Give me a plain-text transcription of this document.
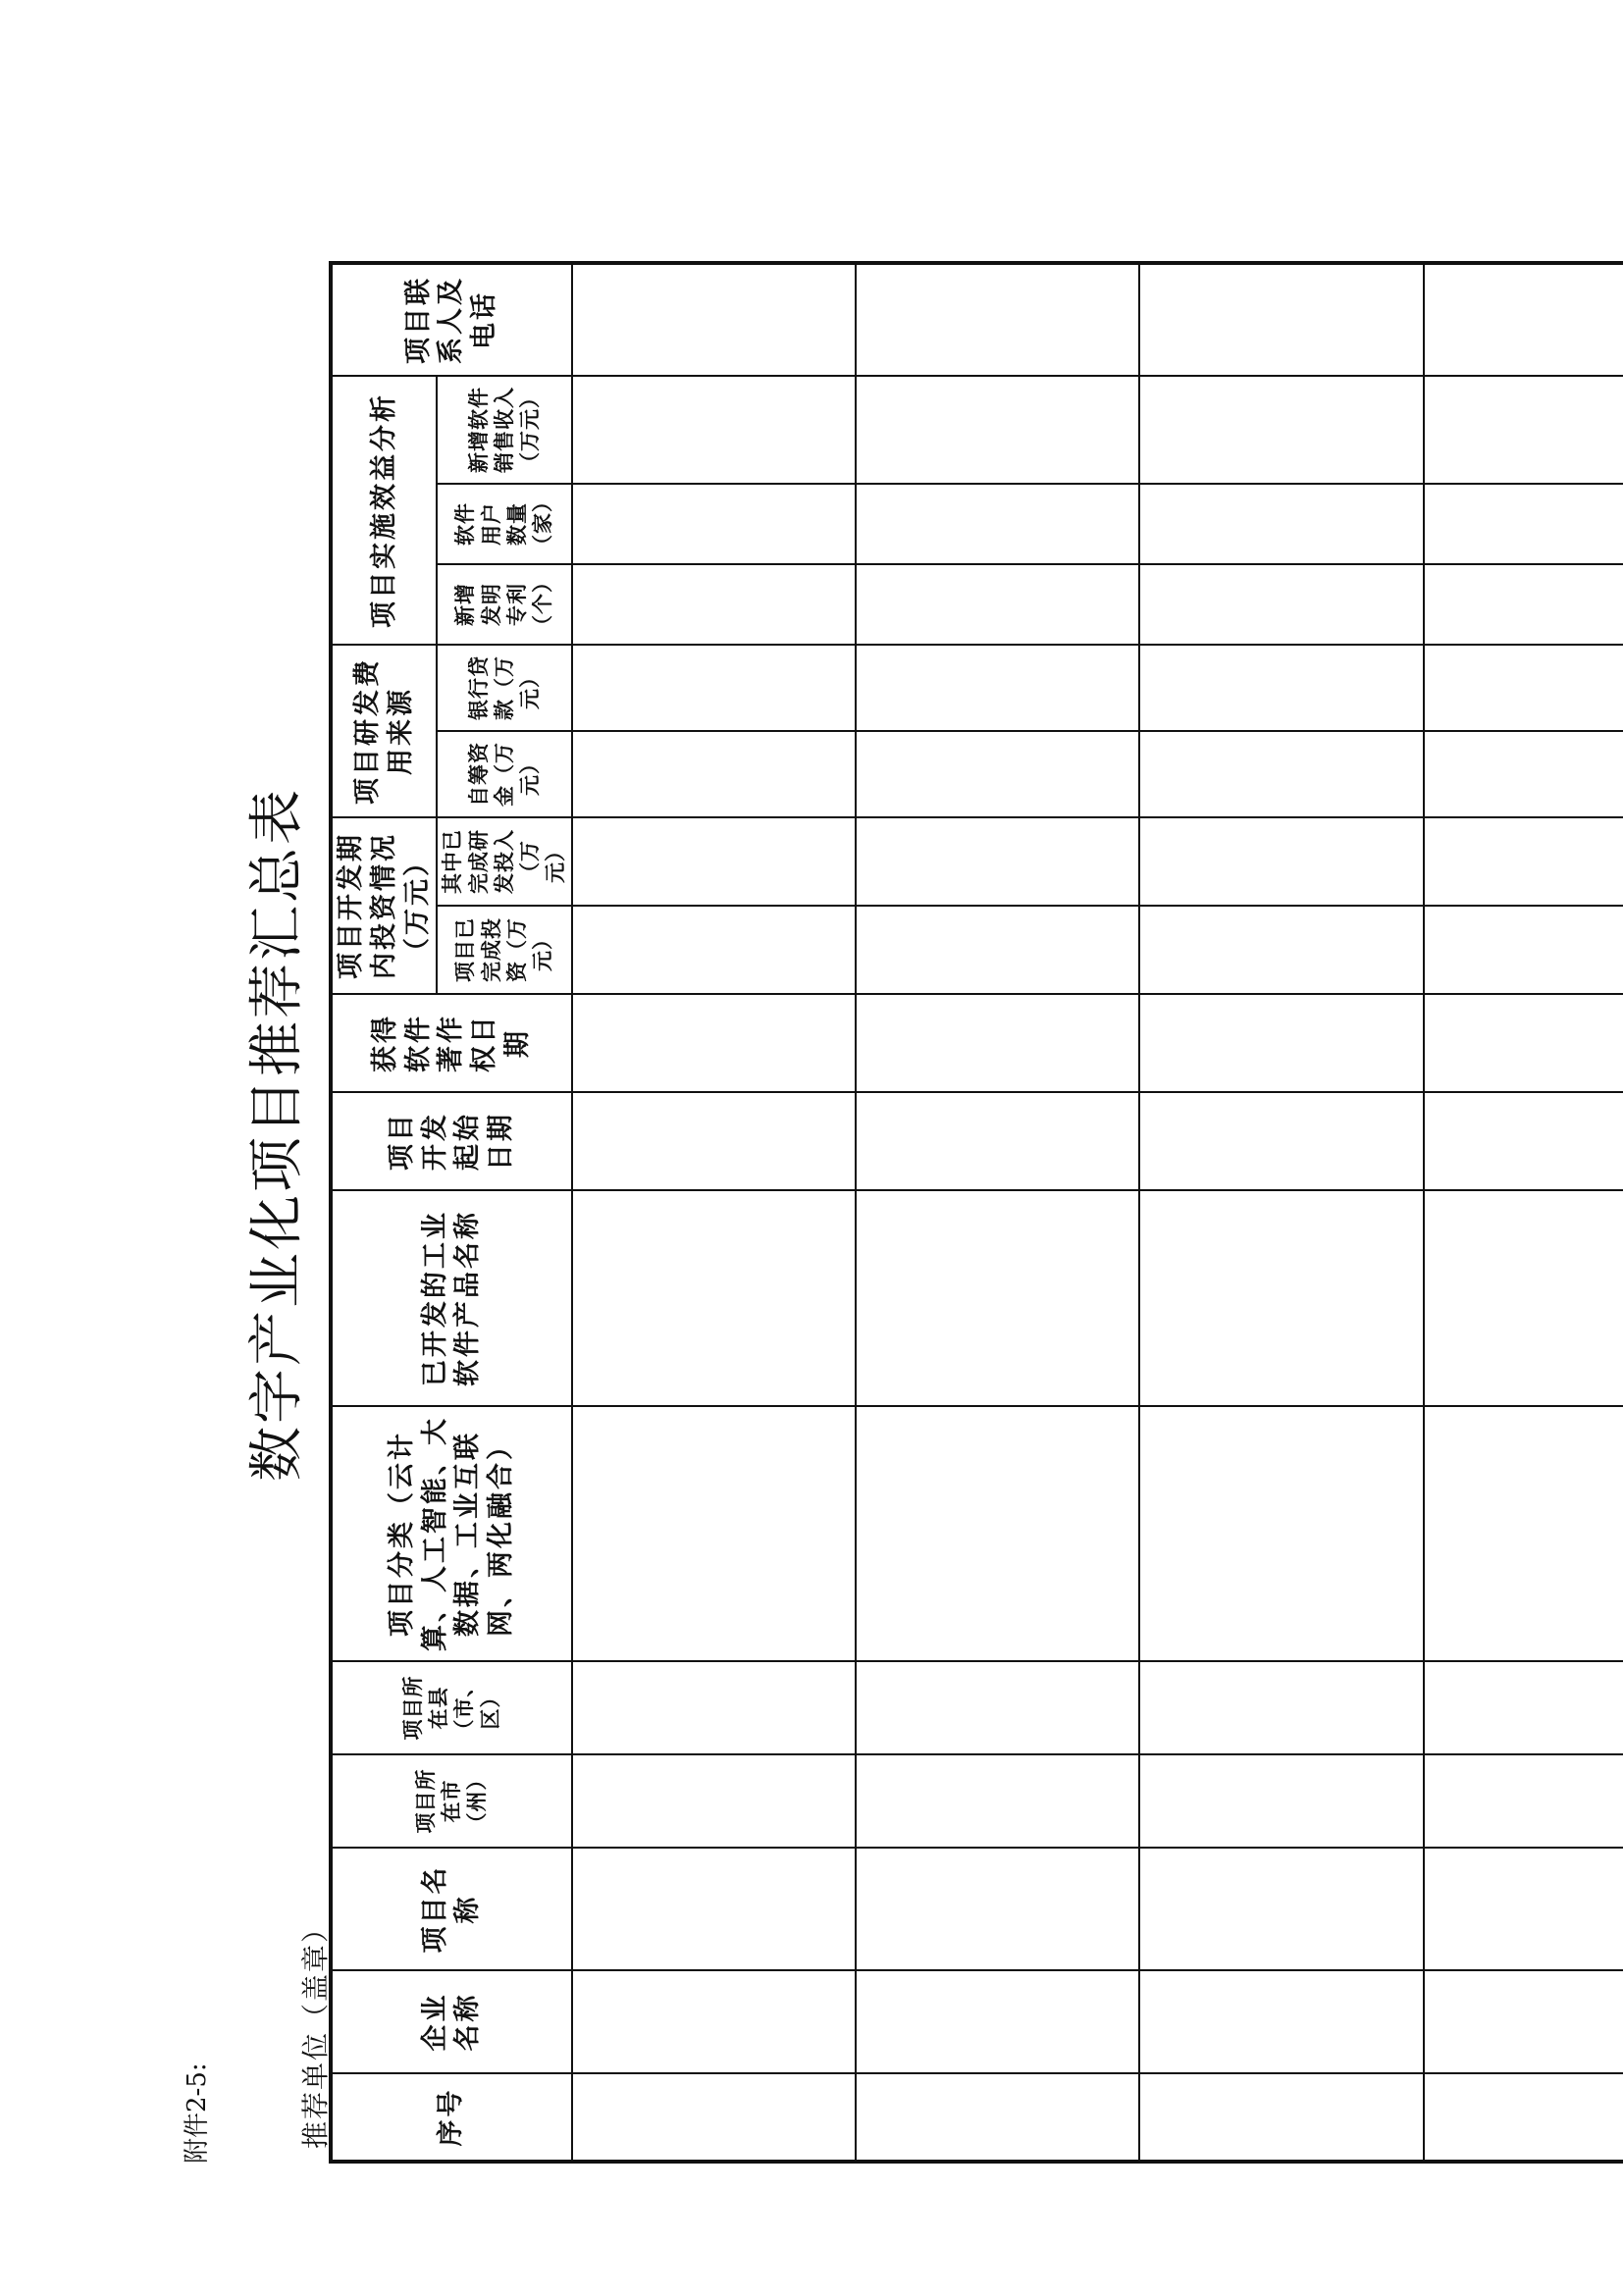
附件2-5:	推荐单位（盖章）
数字产业化项目推荐汇总表
序号	企业名称	项目名称	项目所在市（州）	项目所在县（市、区）	项目分类（云计算、人工智能、大数据、工业互联网、两化融合）	已开发的工业软件产品名称	项目开发起始日期	获得软件著作权日期	项目开发期内投资情况（万元）		项目研发费用来源		项目实施效益分析			项目联系人及电话
									项目已完成投资（万元）	其中已完成研发投入（万元）	自筹资金（万元）	银行贷款（万元）	新增发明专利（个）	软件用户数量（家）	新增软件销售收入（万元）	
